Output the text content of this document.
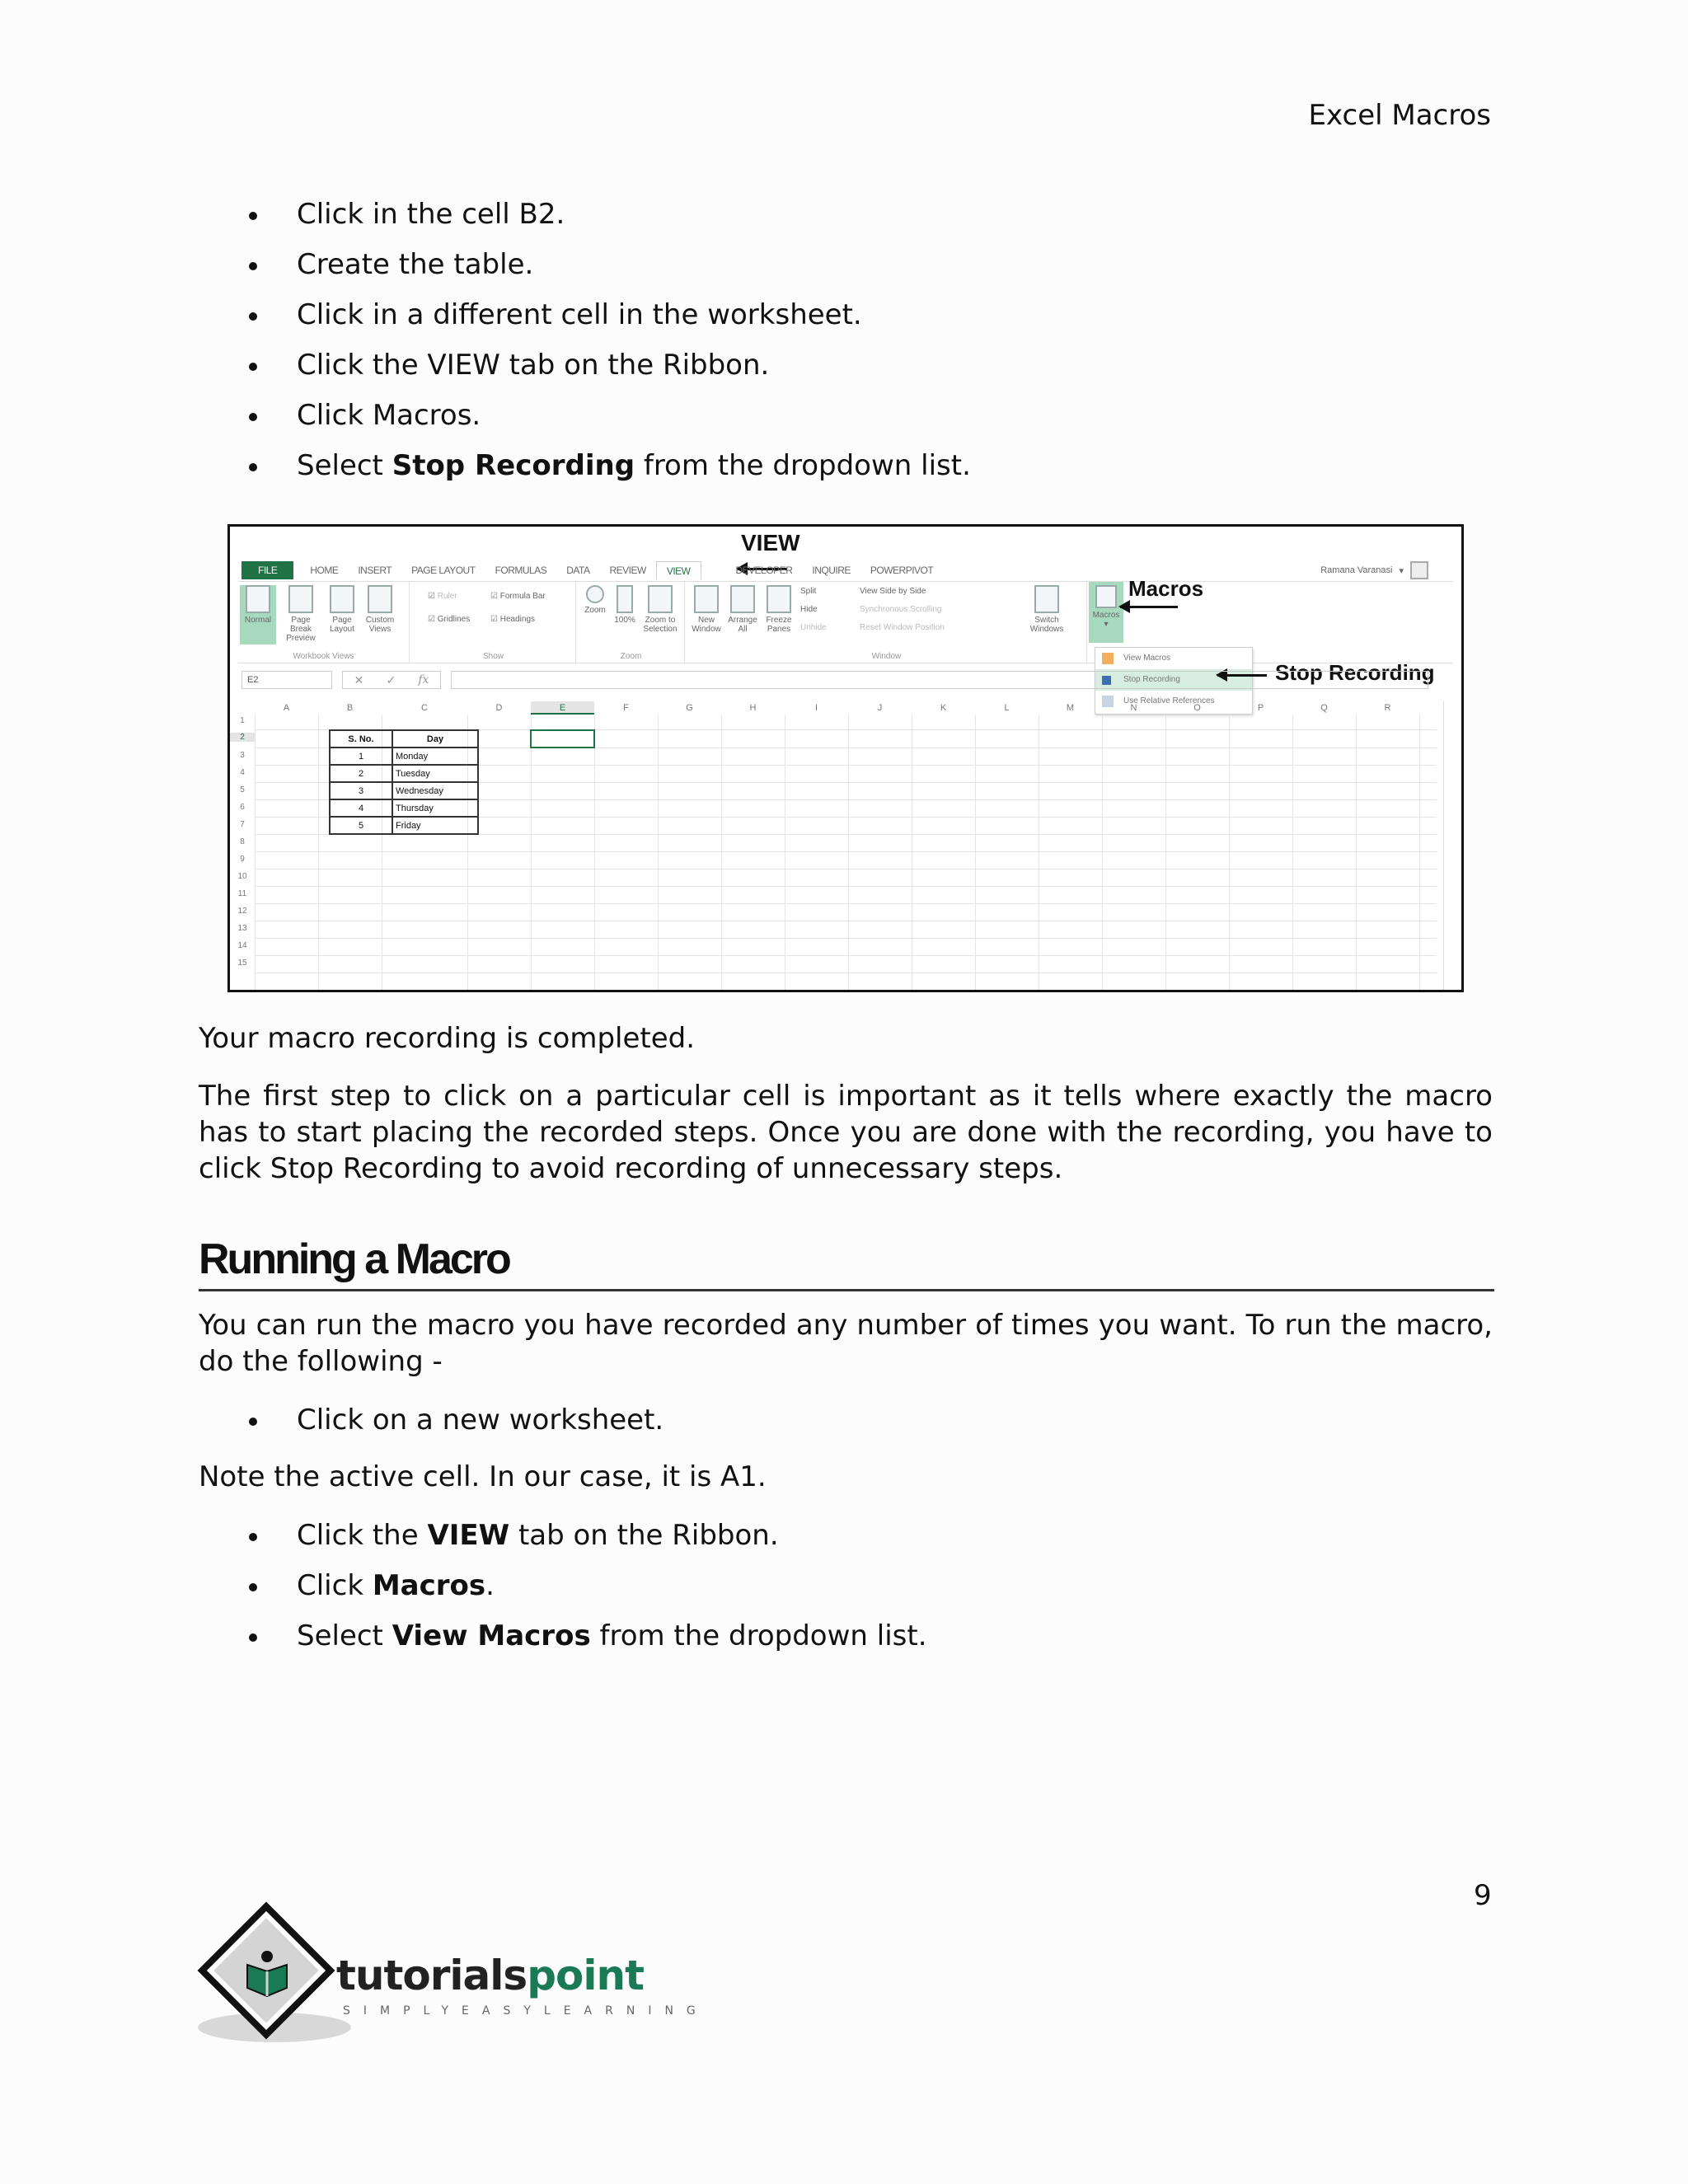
Excel Macros
Click in the cell B2.
Create the table.
Click in a different cell in the worksheet.
Click the VIEW tab on the Ribbon.
Click Macros.
Select Stop Recording from the dropdown list.
VIEW
FILE	HOME	INSERT	PAGE LAYOUT	FORMULAS	DATA	REVIEW	VIEW	DEVELOPER	INQUIRE	POWERPIVOT	Ramana Varanasi ▾
Normal	Page Break Preview
Page Layout
Custom Views
Workbook Views
☑ Ruler	☑ Formula Bar
☑ Gridlines	☑ Headings
Show
Zoom
100%	Zoom to Selection
Zoom
New Window
Arrange All
Freeze Panes
Split
Hide
Unhide
View Side by Side
Synchronous Scrolling
Reset Window Position
Switch Windows
Window
Macros
▾
Macros
View Macros
Stop Recording
Use Relative References
Stop Recording
E2	✕ ✓ fx
A	B	C	D	E	F	G	H	I	J	K	L	M	N	O	P	Q	R
1
2
3
4
5
6
7
8
9
10
11
12
13
14
15
S. No.	Day
1	Monday
2	Tuesday
3	Wednesday
4	Thursday
5	Friday

Your macro recording is completed.

The first step to click on a particular cell is important as it tells where exactly the macro has to start placing the recorded steps. Once you are done with the recording, you have to click Stop Recording to avoid recording of unnecessary steps.

Running a Macro

You can run the macro you have recorded any number of times you want. To run the macro, do the following -

Click on a new worksheet.

Note the active cell. In our case, it is A1.

Click the VIEW tab on the Ribbon.
Click Macros.
Select View Macros from the dropdown list.
9
tutorialspoint
SIMPLYEASYLEARNING
